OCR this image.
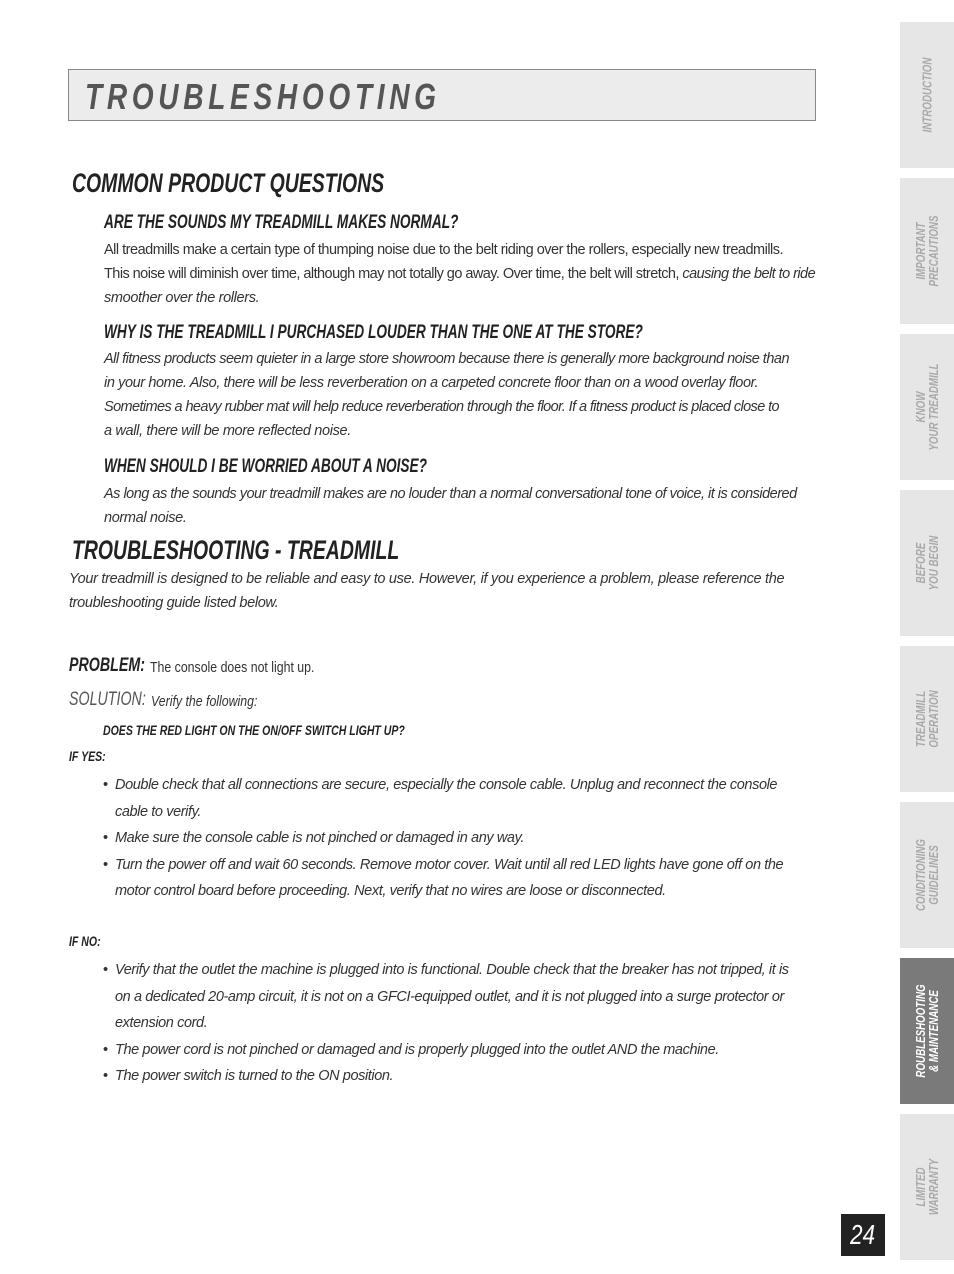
TROUBLESHOOTING
COMMON PRODUCT QUESTIONS
ARE THE SOUNDS MY TREADMILL MAKES NORMAL?
All treadmills make a certain type of thumping noise due to the belt riding over the rollers, especially new treadmills.
This noise will diminish over time, although may not totally go away. Over time, the belt will stretch, causing the belt to ride
smoother over the rollers.
WHY IS THE TREADMILL I PURCHASED LOUDER THAN THE ONE AT THE STORE?
All fitness products seem quieter in a large store showroom because there is generally more background noise than
in your home. Also, there will be less reverberation on a carpeted concrete floor than on a wood overlay floor.
Sometimes a heavy rubber mat will help reduce reverberation through the floor. If a fitness product is placed close to
a wall, there will be more reflected noise.
WHEN SHOULD I BE WORRIED ABOUT A NOISE?
As long as the sounds your treadmill makes are no louder than a normal conversational tone of voice, it is considered
normal noise.
TROUBLESHOOTING - TREADMILL
Your treadmill is designed to be reliable and easy to use. However, if you experience a problem, please reference the
troubleshooting guide listed below.
PROBLEM: The console does not light up.
SOLUTION: Verify the following:
DOES THE RED LIGHT ON THE ON/OFF SWITCH LIGHT UP?
IF YES:
• Double check that all connections are secure, especially the console cable. Unplug and reconnect the console
cable to verify.
• Make sure the console cable is not pinched or damaged in any way.
• Turn the power off and wait 60 seconds. Remove motor cover. Wait until all red LED lights have gone off on the
motor control board before proceeding. Next, verify that no wires are loose or disconnected.
IF NO:
• Verify that the outlet the machine is plugged into is functional. Double check that the breaker has not tripped, it is
on a dedicated 20-amp circuit, it is not on a GFCI-equipped outlet, and it is not plugged into a surge protector or
extension cord.
• The power cord is not pinched or damaged and is properly plugged into the outlet AND the machine.
• The power switch is turned to the ON position.
INTRODUCTION
IMPORTANT
PRECAUTIONS
KNOW
YOUR TREADMILL
BEFORE
YOU BEGIN
TREADMILL
OPERATION
CONDITIONING
GUIDELINES
ROUBLESHOOTING
& MAINTENANCE
LIMITED
WARRANTY
24
